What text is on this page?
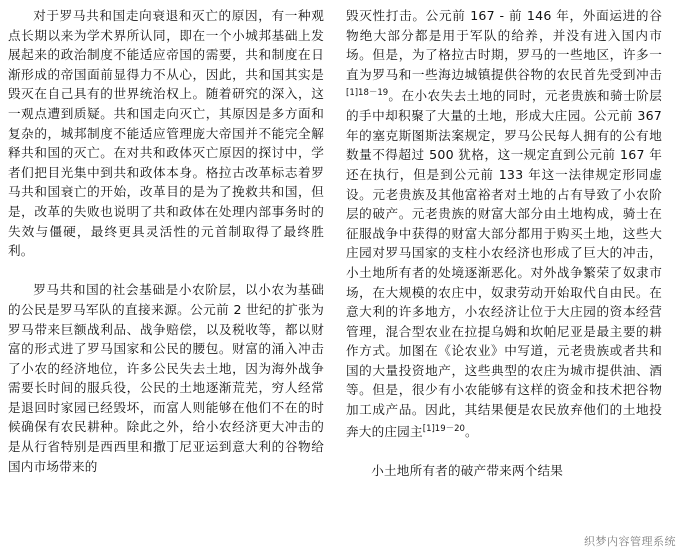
对于罗马共和国走向衰退和灭亡的原因，有一种观点长期以来为学术界所认同，即在一个小城邦基础上发展起来的政治制度不能适应帝国的需要，共和制度在日渐形成的帝国面前显得力不从心，因此，共和国其实是毁灭在自己具有的世界统治权上。随着研究的深入，这一观点遭到质疑。共和国走向灭亡，其原因是多方面和复杂的，城邦制度不能适应管理庞大帝国并不能完全解释共和国的灭亡。在对共和政体灭亡原因的探讨中，学者们把目光集中到共和政体本身。格拉古改革标志着罗马共和国衰亡的开始，改革目的是为了挽救共和国，但是，改革的失败也说明了共和政体在处理内部事务时的失效与僵硬，最终更具灵活性的元首制取得了最终胜利。

罗马共和国的社会基础是小农阶层，以小农为基础的公民是罗马军队的直接来源。公元前 2 世纪的扩张为罗马带来巨额战利品、战争赔偿，以及税收等，都以财富的形式进了罗马国家和公民的腰包。财富的涌入冲击了小农的经济地位，许多公民失去土地，因为海外战争需要长时间的服兵役，公民的土地逐渐荒芜，穷人经常是退回时家园已经毁坏，而富人则能够在他们不在的时候确保有农民耕种。除此之外，给小农经济更大冲击的是从行省特别是西西里和撒丁尼亚运到意大利的谷物给国内市场带来的

毁灭性打击。公元前 167 - 前 146 年，外面运进的谷物绝大部分都是用于军队的给养，并没有进入国内市场。但是，为了格拉古时期，罗马的一些地区，许多一直为罗马和一些海边城镇提供谷物的农民首先受到冲击$^{[1]18-19}$。在小农失去土地的同时，元老贵族和骑士阶层的手中却积聚了大量的土地，形成大庄园。公元前 367 年的塞克斯图斯法案规定，罗马公民每人拥有的公有地数量不得超过 500 犹格，这一规定直到公元前 167 年还在执行，但是到公元前 133 年这一法律规定形同虚设。元老贵族及其他富裕者对土地的占有导致了小农阶层的破产。元老贵族的财富大部分由土地构成，骑士在征服战争中获得的财富大部分都用于购买土地，这些大庄园对罗马国家的支柱小农经济也形成了巨大的冲击，小土地所有者的处境逐渐恶化。对外战争繁荣了奴隶市场，在大规模的农庄中，奴隶劳动开始取代自由民。在意大利的许多地方，小农经济让位于大庄园的资本经营管理，混合型农业在拉提乌姆和坎帕尼亚是最主要的耕作方式。加图在《论农业》中写道，元老贵族或者共和国的大量投资地产，这些典型的农庄为城市提供油、酒等。但是，很少有小农能够有这样的资金和技术把谷物加工成产品。因此，其结果便是农民放弃他们的土地投奔大的庄园主$^{[1]19-20}$。

小土地所有者的破产带来两个结果

织梦内容管理系统
